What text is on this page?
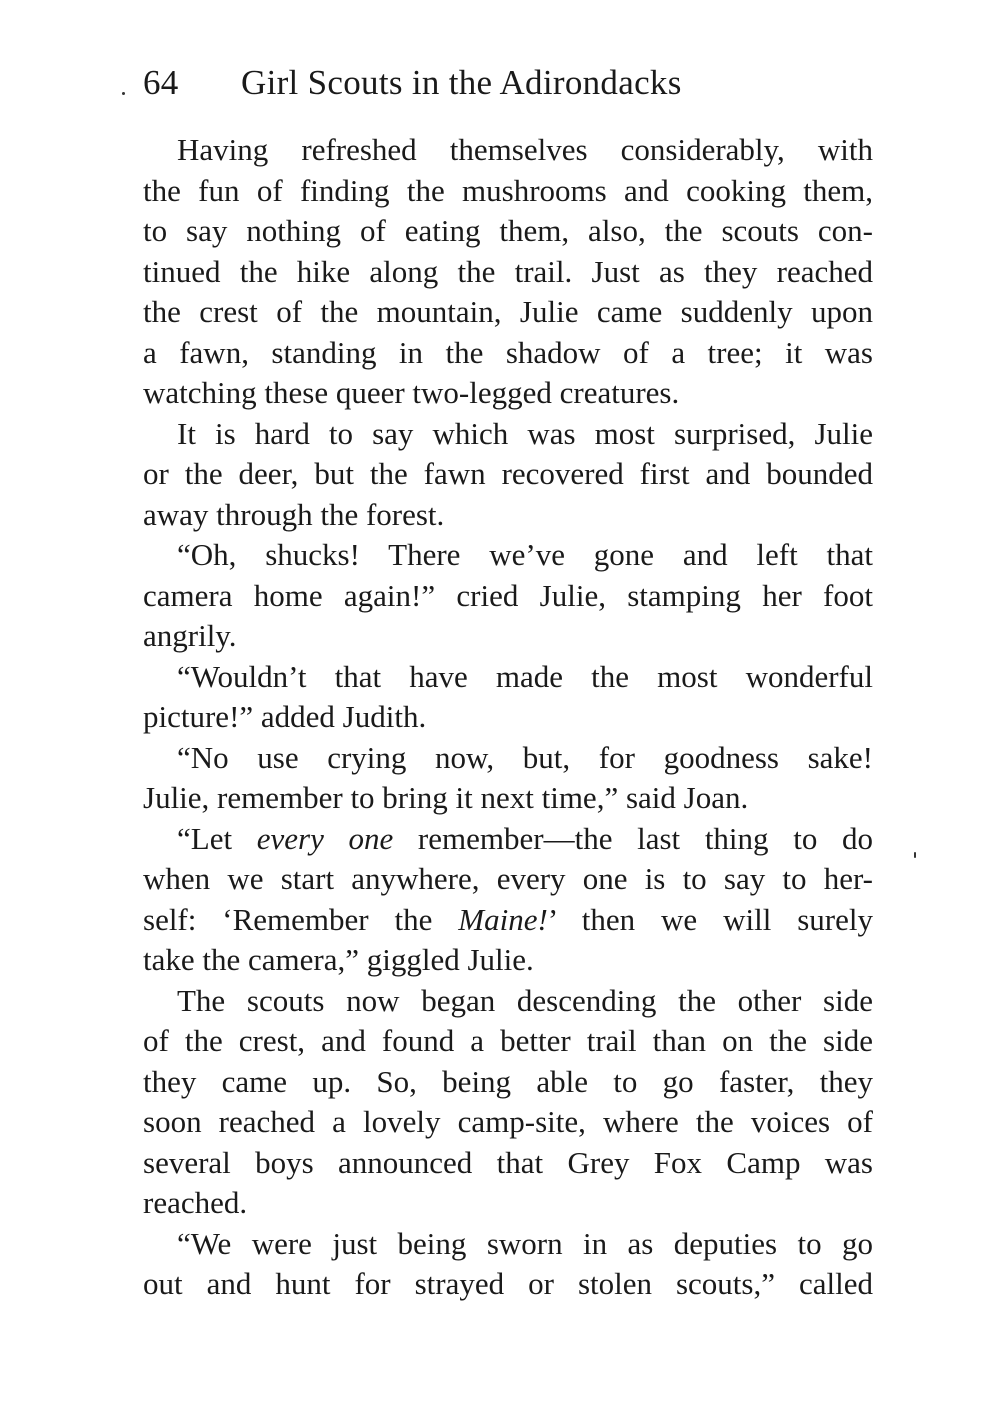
64 Girl Scouts in the Adirondacks
Having refreshed themselves considerably, with
the fun of finding the mushrooms and cooking them,
to say nothing of eating them, also, the scouts con-
tinued the hike along the trail. Just as they reached
the crest of the mountain, Julie came suddenly upon
a fawn, standing in the shadow of a tree; it was
watching these queer two-legged creatures.
It is hard to say which was most surprised, Julie
or the deer, but the fawn recovered first and bounded
away through the forest.
“Oh, shucks! There we’ve gone and left that
camera home again!” cried Julie, stamping her foot
angrily.
“Wouldn’t that have made the most wonderful
picture!” added Judith.
“No use crying now, but, for goodness sake!
Julie, remember to bring it next time,” said Joan.
“Let every one remember—the last thing to do
when we start anywhere, every one is to say to her-
self: ‘Remember the Maine!’ then we will surely
take the camera,” giggled Julie.
The scouts now began descending the other side
of the crest, and found a better trail than on the side
they came up. So, being able to go faster, they
soon reached a lovely camp-site, where the voices of
several boys announced that Grey Fox Camp was
reached.
“We were just being sworn in as deputies to go
out and hunt for strayed or stolen scouts,” called
